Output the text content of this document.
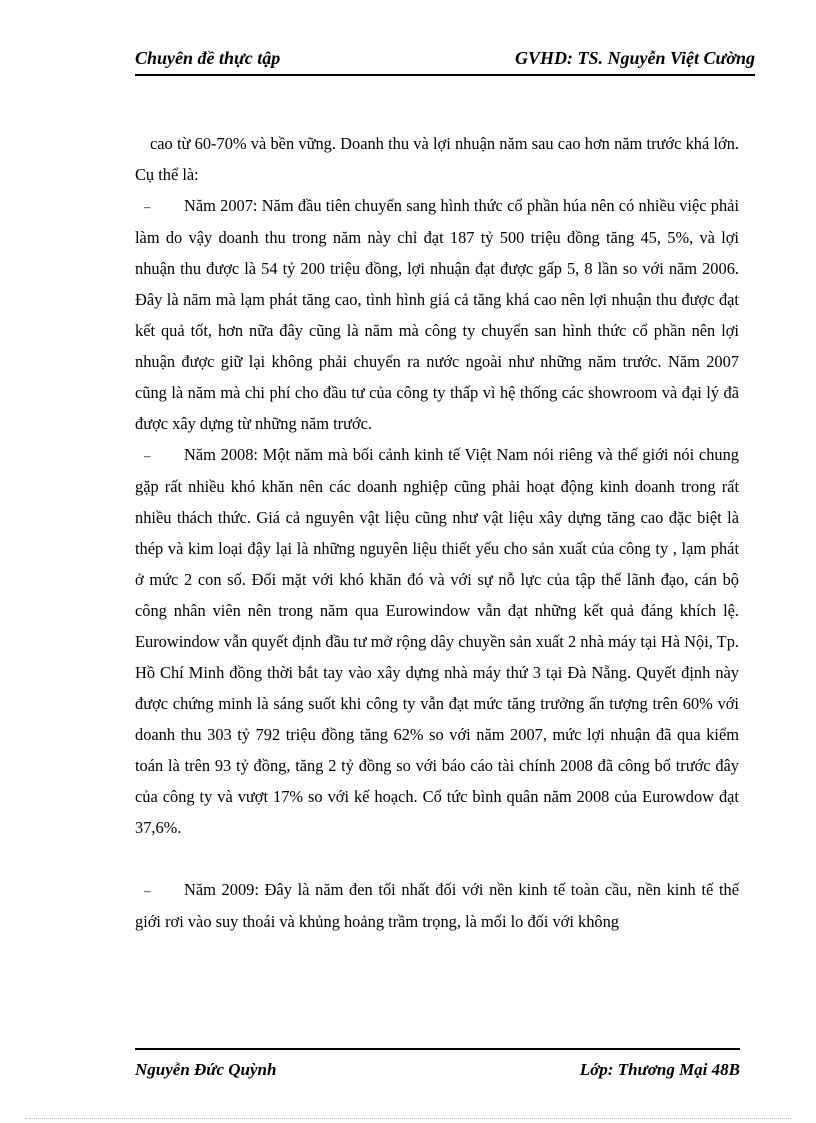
Chuyên đề thực tập	GVHD: TS. Nguyễn Việt Cường

cao từ 60-70% và bền vững. Doanh thu và lợi nhuận năm sau cao hơn năm trước khá lớn. Cụ thể là:

– Năm 2007: Năm đầu tiên chuyển sang hình thức cổ phần húa nên có nhiều việc phải làm do vậy doanh thu trong năm này chỉ đạt 187 tỷ 500 triệu đồng tăng 45, 5%, và lợi nhuận thu được là 54 tỷ 200 triệu đồng, lợi nhuận đạt được gấp 5, 8 lần so với năm 2006. Đây là năm mà lạm phát tăng cao, tình hình giá cả tăng khá cao nên lợi nhuận thu được đạt kết quả tốt, hơn nữa đây cũng là năm mà công ty chuyển san hình thức cổ phần nên lợi nhuận được giữ lại không phải chuyển ra nước ngoài như những năm trước. Năm 2007 cũng là năm mà chi phí cho đầu tư của công ty thấp vì hệ thống các showroom và đại lý đã được xây dựng từ những năm trước.

– Năm 2008: Một năm mà bối cảnh kinh tế Việt Nam nói riêng và thế giới nói chung gặp rất nhiều khó khăn nên các doanh nghiệp cũng phải hoạt động kinh doanh trong rất nhiều thách thức. Giá cả nguyên vật liệu cũng như vật liệu xây dựng tăng cao đặc biệt là thép và kim loại đậy lại là những nguyên liệu thiết yếu cho sản xuất của công ty , lạm phát ở mức 2 con số. Đối mặt với khó khăn đó và với sự nỗ lực của tập thể lãnh đạo, cán bộ công nhân viên nên trong năm qua Eurowindow vẫn đạt những kết quả đáng khích lệ. Eurowindow vẫn quyết định đầu tư mở rộng dây chuyền sản xuất 2 nhà máy tại Hà Nội, Tp. Hồ Chí Minh đồng thời bắt tay vào xây dựng nhà máy thứ 3 tại Đà Nẵng. Quyết định này được chứng minh là sáng suốt khi công ty vẫn đạt mức tăng trưởng ấn tượng trên 60% với doanh thu 303 tỷ 792 triệu đồng tăng 62% so với năm 2007, mức lợi nhuận đã qua kiểm toán là trên 93 tỷ đồng, tăng 2 tỷ đồng so với báo cáo tài chính 2008 đã công bố trước đây của công ty và vượt 17% so với kế hoạch. Cổ tức bình quân năm 2008 của Eurowdow đạt 37,6%.

– Năm 2009: Đây là năm đen tối nhất đối với nền kinh tế toàn cầu, nền kinh tế thế giới rơi vào suy thoái và khủng hoảng trầm trọng, là mối lo đối với không

Nguyễn Đức Quỳnh	Lớp: Thương Mại 48B
